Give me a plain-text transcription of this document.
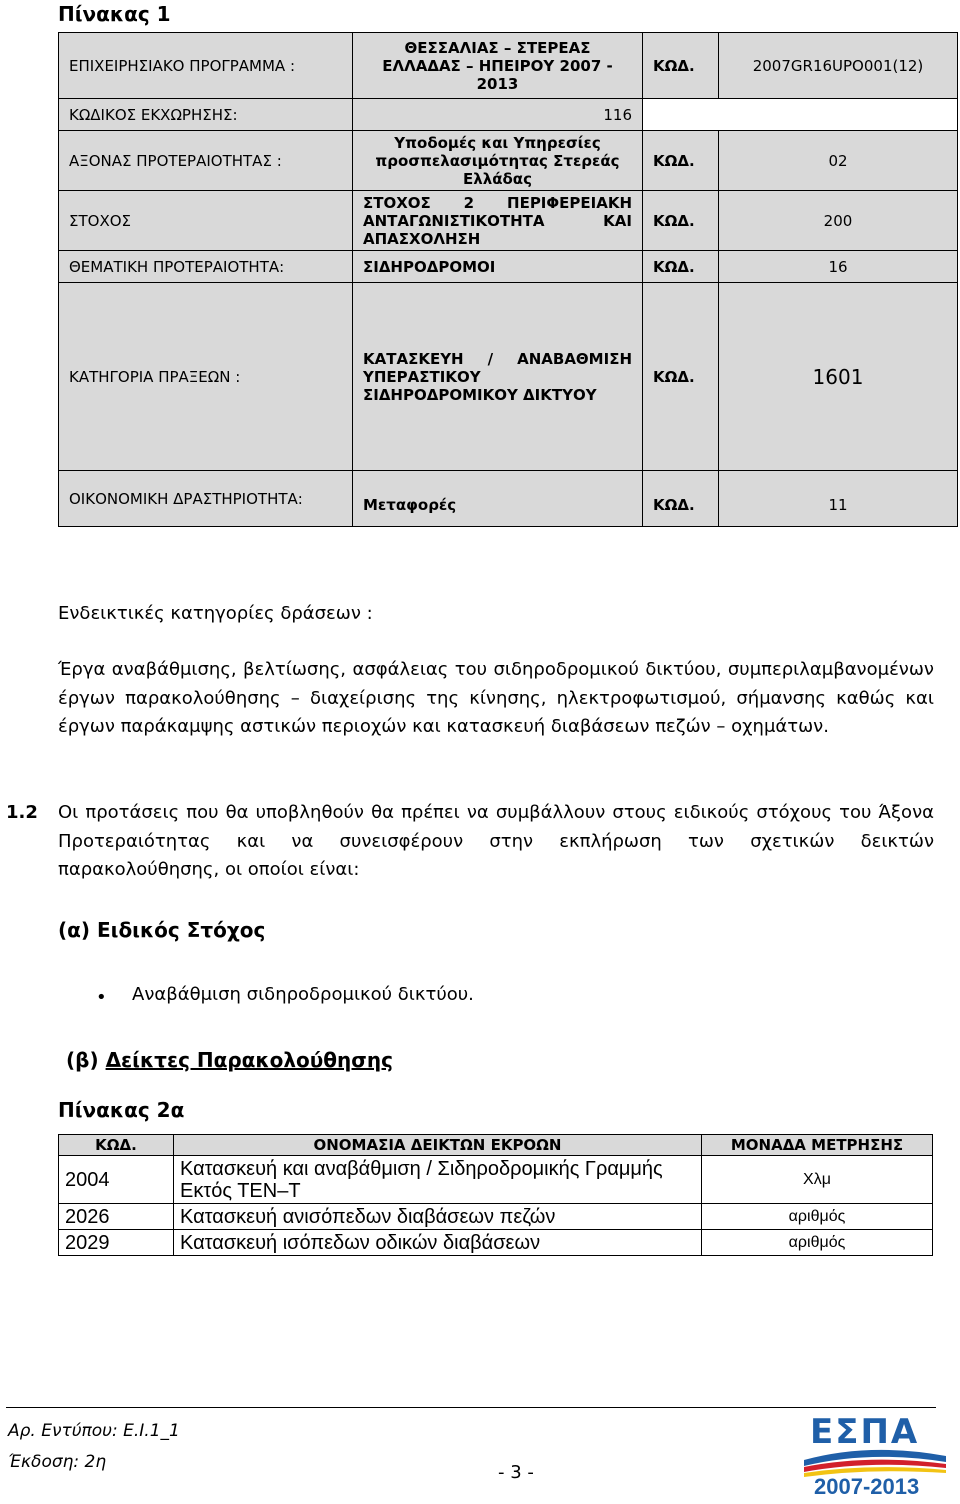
Πίνακας 1
ΕΠΙΧΕΙΡΗΣΙΑΚΟ ΠΡΟΓΡΑΜΜΑ :	ΘΕΣΣΑΛΙΑΣ – ΣΤΕΡΕΑΣ ΕΛΛΑΔΑΣ – ΗΠΕΙΡΟΥ 2007 - 2013	ΚΩΔ.	2007GR16UPO001(12)
ΚΩΔΙΚΟΣ ΕΚΧΩΡΗΣΗΣ:	116		
ΑΞΟΝΑΣ ΠΡΟΤΕΡΑΙΟΤΗΤΑΣ :	Υποδομές και Υπηρεσίες προσπελασιμότητας Στερεάς Ελλάδας	ΚΩΔ.	02
ΣΤΟΧΟΣ	ΣΤΟΧΟΣ 2 ΠΕΡΙΦΕΡΕΙΑΚΗ ΑΝΤΑΓΩΝΙΣΤΙΚΟΤΗΤΑ ΚΑΙ ΑΠΑΣΧΟΛΗΣΗ	ΚΩΔ.	200
ΘΕΜΑΤΙΚΗ ΠΡΟΤΕΡΑΙΟΤΗΤΑ:	ΣΙΔΗΡΟΔΡΟΜΟΙ	ΚΩΔ.	16
ΚΑΤΗΓΟΡΙΑ ΠΡΑΞΕΩΝ :	ΚΑΤΑΣΚΕΥΗ / ΑΝΑΒΑΘΜΙΣΗ ΥΠΕΡΑΣΤΙΚΟΥ ΣΙΔΗΡΟΔΡΟΜΙΚΟΥ ΔΙΚΤΥΟΥ	ΚΩΔ.	1601
ΟΙΚΟΝΟΜΙΚΗ ΔΡΑΣΤΗΡΙΟΤΗΤΑ:	Μεταφορές	ΚΩΔ.	11
Ενδεικτικές κατηγορίες δράσεων :
Έργα αναβάθμισης, βελτίωσης, ασφάλειας του σιδηροδρομικού δικτύου, συμπεριλαμβανομένων έργων παρακολούθησης – διαχείρισης της κίνησης, ηλεκτροφωτισμού, σήμανσης καθώς και έργων παράκαμψης αστικών περιοχών και κατασκευή διαβάσεων πεζών – οχημάτων.
1.2 Οι προτάσεις που θα υποβληθούν θα πρέπει να συμβάλλουν στους ειδικούς στόχους του Άξονα Προτεραιότητας και να συνεισφέρουν στην εκπλήρωση των σχετικών δεικτών παρακολούθησης, οι οποίοι είναι:
(α) Ειδικός Στόχος
• Αναβάθμιση σιδηροδρομικού δικτύου.
(β) Δείκτες Παρακολούθησης
Πίνακας 2α
ΚΩΔ.	ΟΝΟΜΑΣΙΑ ΔΕΙΚΤΩΝ ΕΚΡΟΩΝ	ΜΟΝΑΔΑ ΜΕΤΡΗΣΗΣ
2004	Κατασκευή και αναβάθμιση / Σιδηροδρομικής Γραμμής Εκτός ΤΕΝ–Τ	Χλμ
2026	Κατασκευή ανισόπεδων διαβάσεων πεζών	αριθμός
2029	Κατασκευή ισόπεδων οδικών διαβάσεων	αριθμός
Αρ. Εντύπου: Ε.Ι.1_1
Έκδοση: 2η	- 3 -
ΕΣΠΑ
2007-2013
